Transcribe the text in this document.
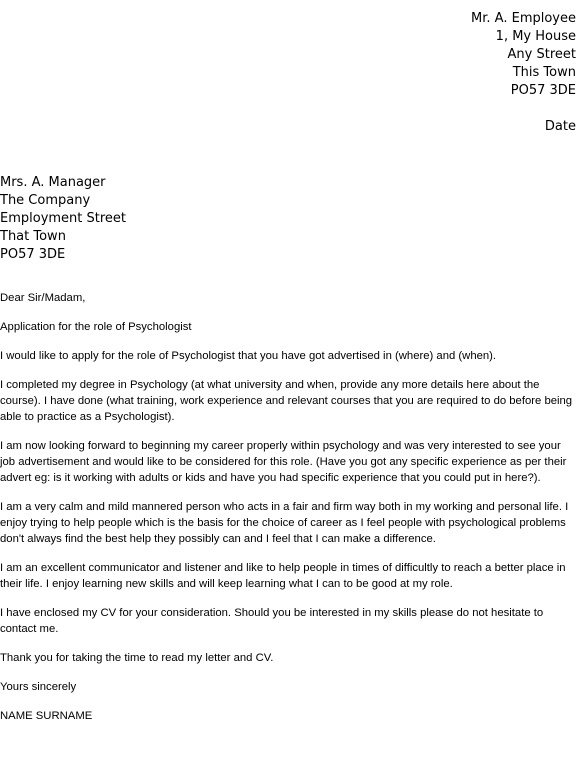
Mr. A. Employee
1, My House
Any Street
This Town
PO57 3DE
Date
Mrs. A. Manager
The Company
Employment Street
That Town
PO57 3DE

Dear Sir/Madam,

Application for the role of Psychologist

I would like to apply for the role of Psychologist that you have got advertised in (where) and (when).

I completed my degree in Psychology (at what university and when, provide any more details here about the course). I have done (what training, work experience and relevant courses that you are required to do before being able to practice as a Psychologist).

I am now looking forward to beginning my career properly within psychology and was very interested to see your job advertisement and would like to be considered for this role. (Have you got any specific experience as per their advert eg: is it working with adults or kids and have you had specific experience that you could put in here?).

I am a very calm and mild mannered person who acts in a fair and firm way both in my working and personal life. I enjoy trying to help people which is the basis for the choice of career as I feel people with psychological problems don't always find the best help they possibly can and I feel that I can make a difference.

I am an excellent communicator and listener and like to help people in times of difficultly to reach a better place in their life. I enjoy learning new skills and will keep learning what I can to be good at my role.

I have enclosed my CV for your consideration. Should you be interested in my skills please do not hesitate to contact me.

Thank you for taking the time to read my letter and CV.

Yours sincerely

NAME SURNAME
